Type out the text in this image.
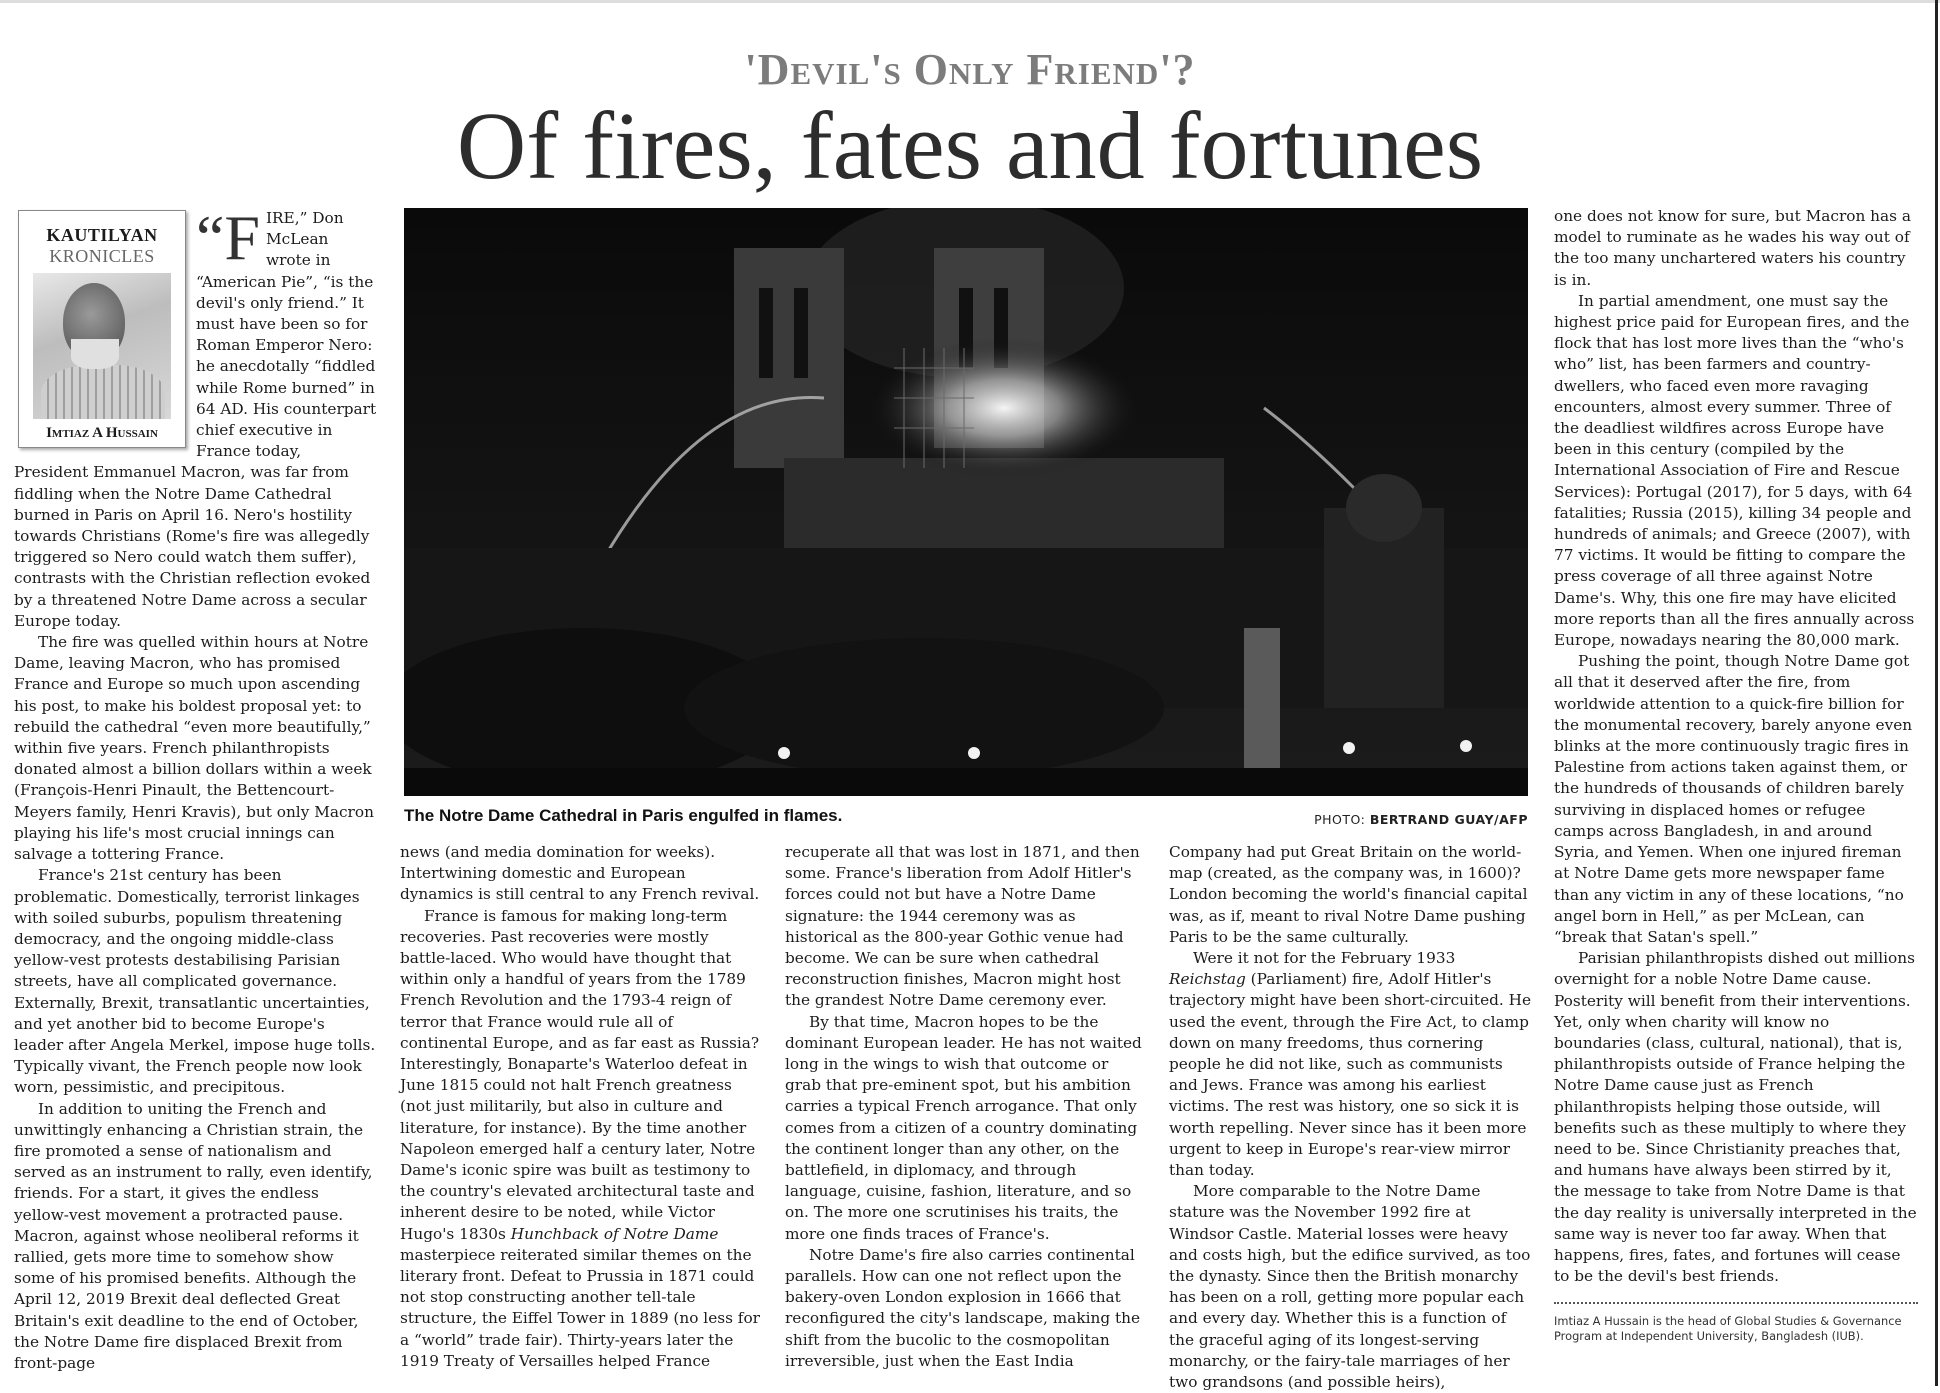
'Devil's Only Friend'?
Of fires, fates and fortunes
KAUTILYAN
KRONICLES
Imtiaz A Hussain

“F IRE,” Don McLean wrote in “American Pie”, “is the devil's only friend.” It must have been so for Roman Emperor Nero: he anecdotally “fiddled while Rome burned” in 64 AD. His counterpart chief executive in France today, President Emmanuel Macron, was far from fiddling when the Notre Dame Cathedral burned in Paris on April 16. Nero's hostility towards Christians (Rome's fire was allegedly triggered so Nero could watch them suffer), contrasts with the Christian reflection evoked by a threatened Notre Dame across a secular Europe today.

The fire was quelled within hours at Notre Dame, leaving Macron, who has promised France and Europe so much upon ascending his post, to make his boldest proposal yet: to rebuild the cathedral “even more beautifully,” within five years. French philanthropists donated almost a billion dollars within a week (François-Henri Pinault, the Bettencourt-Meyers family, Henri Kravis), but only Macron playing his life's most crucial innings can salvage a tottering France.

France's 21st century has been problematic. Domestically, terrorist linkages with soiled suburbs, populism threatening democracy, and the ongoing middle-class yellow-vest protests destabilising Parisian streets, have all complicated governance. Externally, Brexit, transatlantic uncertainties, and yet another bid to become Europe's leader after Angela Merkel, impose huge tolls. Typically vivant, the French people now look worn, pessimistic, and precipitous.

In addition to uniting the French and unwittingly enhancing a Christian strain, the fire promoted a sense of nationalism and served as an instrument to rally, even identify, friends. For a start, it gives the endless yellow-vest movement a protracted pause. Macron, against whose neoliberal reforms it rallied, gets more time to somehow show some of his promised benefits. Although the April 12, 2019 Brexit deal deflected Great Britain's exit deadline to the end of October, the Notre Dame fire displaced Brexit from front-page

The Notre Dame Cathedral in Paris engulfed in flames.	PHOTO: BERTRAND GUAY/AFP

news (and media domination for weeks). Intertwining domestic and European dynamics is still central to any French revival.

France is famous for making long-term recoveries. Past recoveries were mostly battle-laced. Who would have thought that within only a handful of years from the 1789 French Revolution and the 1793-4 reign of terror that France would rule all of continental Europe, and as far east as Russia? Interestingly, Bonaparte's Waterloo defeat in June 1815 could not halt French greatness (not just militarily, but also in culture and literature, for instance). By the time another Napoleon emerged half a century later, Notre Dame's iconic spire was built as testimony to the country's elevated architectural taste and inherent desire to be noted, while Victor Hugo's 1830s Hunchback of Notre Dame masterpiece reiterated similar themes on the literary front. Defeat to Prussia in 1871 could not stop constructing another tell-tale structure, the Eiffel Tower in 1889 (no less for a “world” trade fair). Thirty-years later the 1919 Treaty of Versailles helped France

recuperate all that was lost in 1871, and then some. France's liberation from Adolf Hitler's forces could not but have a Notre Dame signature: the 1944 ceremony was as historical as the 800-year Gothic venue had become. We can be sure when cathedral reconstruction finishes, Macron might host the grandest Notre Dame ceremony ever.

By that time, Macron hopes to be the dominant European leader. He has not waited long in the wings to wish that outcome or grab that pre-eminent spot, but his ambition carries a typical French arrogance. That only comes from a citizen of a country dominating the continent longer than any other, on the battlefield, in diplomacy, and through language, cuisine, fashion, literature, and so on. The more one scrutinises his traits, the more one finds traces of France's.

Notre Dame's fire also carries continental parallels. How can one not reflect upon the bakery-oven London explosion in 1666 that reconfigured the city's landscape, making the shift from the bucolic to the cosmopolitan irreversible, just when the East India

Company had put Great Britain on the world-map (created, as the company was, in 1600)? London becoming the world's financial capital was, as if, meant to rival Notre Dame pushing Paris to be the same culturally.

Were it not for the February 1933 Reichstag (Parliament) fire, Adolf Hitler's trajectory might have been short-circuited. He used the event, through the Fire Act, to clamp down on many freedoms, thus cornering people he did not like, such as communists and Jews. France was among his earliest victims. The rest was history, one so sick it is worth repelling. Never since has it been more urgent to keep in Europe's rear-view mirror than today.

More comparable to the Notre Dame stature was the November 1992 fire at Windsor Castle. Material losses were heavy and costs high, but the edifice survived, as too the dynasty. Since then the British monarchy has been on a roll, getting more popular each and every day. Whether this is a function of the graceful aging of its longest-serving monarchy, or the fairy-tale marriages of her two grandsons (and possible heirs),

one does not know for sure, but Macron has a model to ruminate as he wades his way out of the too many unchartered waters his country is in.

In partial amendment, one must say the highest price paid for European fires, and the flock that has lost more lives than the “who's who” list, has been farmers and country-dwellers, who faced even more ravaging encounters, almost every summer. Three of the deadliest wildfires across Europe have been in this century (compiled by the International Association of Fire and Rescue Services): Portugal (2017), for 5 days, with 64 fatalities; Russia (2015), killing 34 people and hundreds of animals; and Greece (2007), with 77 victims. It would be fitting to compare the press coverage of all three against Notre Dame's. Why, this one fire may have elicited more reports than all the fires annually across Europe, nowadays nearing the 80,000 mark.

Pushing the point, though Notre Dame got all that it deserved after the fire, from worldwide attention to a quick-fire billion for the monumental recovery, barely anyone even blinks at the more continuously tragic fires in Palestine from actions taken against them, or the hundreds of thousands of children barely surviving in displaced homes or refugee camps across Bangladesh, in and around Syria, and Yemen. When one injured fireman at Notre Dame gets more newspaper fame than any victim in any of these locations, “no angel born in Hell,” as per McLean, can “break that Satan's spell.”

Parisian philanthropists dished out millions overnight for a noble Notre Dame cause. Posterity will benefit from their interventions. Yet, only when charity will know no boundaries (class, cultural, national), that is, philanthropists outside of France helping the Notre Dame cause just as French philanthropists helping those outside, will benefits such as these multiply to where they need to be. Since Christianity preaches that, and humans have always been stirred by it, the message to take from Notre Dame is that the day reality is universally interpreted in the same way is never too far away. When that happens, fires, fates, and fortunes will cease to be the devil's best friends.

Imtiaz A Hussain is the head of Global Studies & Governance Program at Independent University, Bangladesh (IUB).
